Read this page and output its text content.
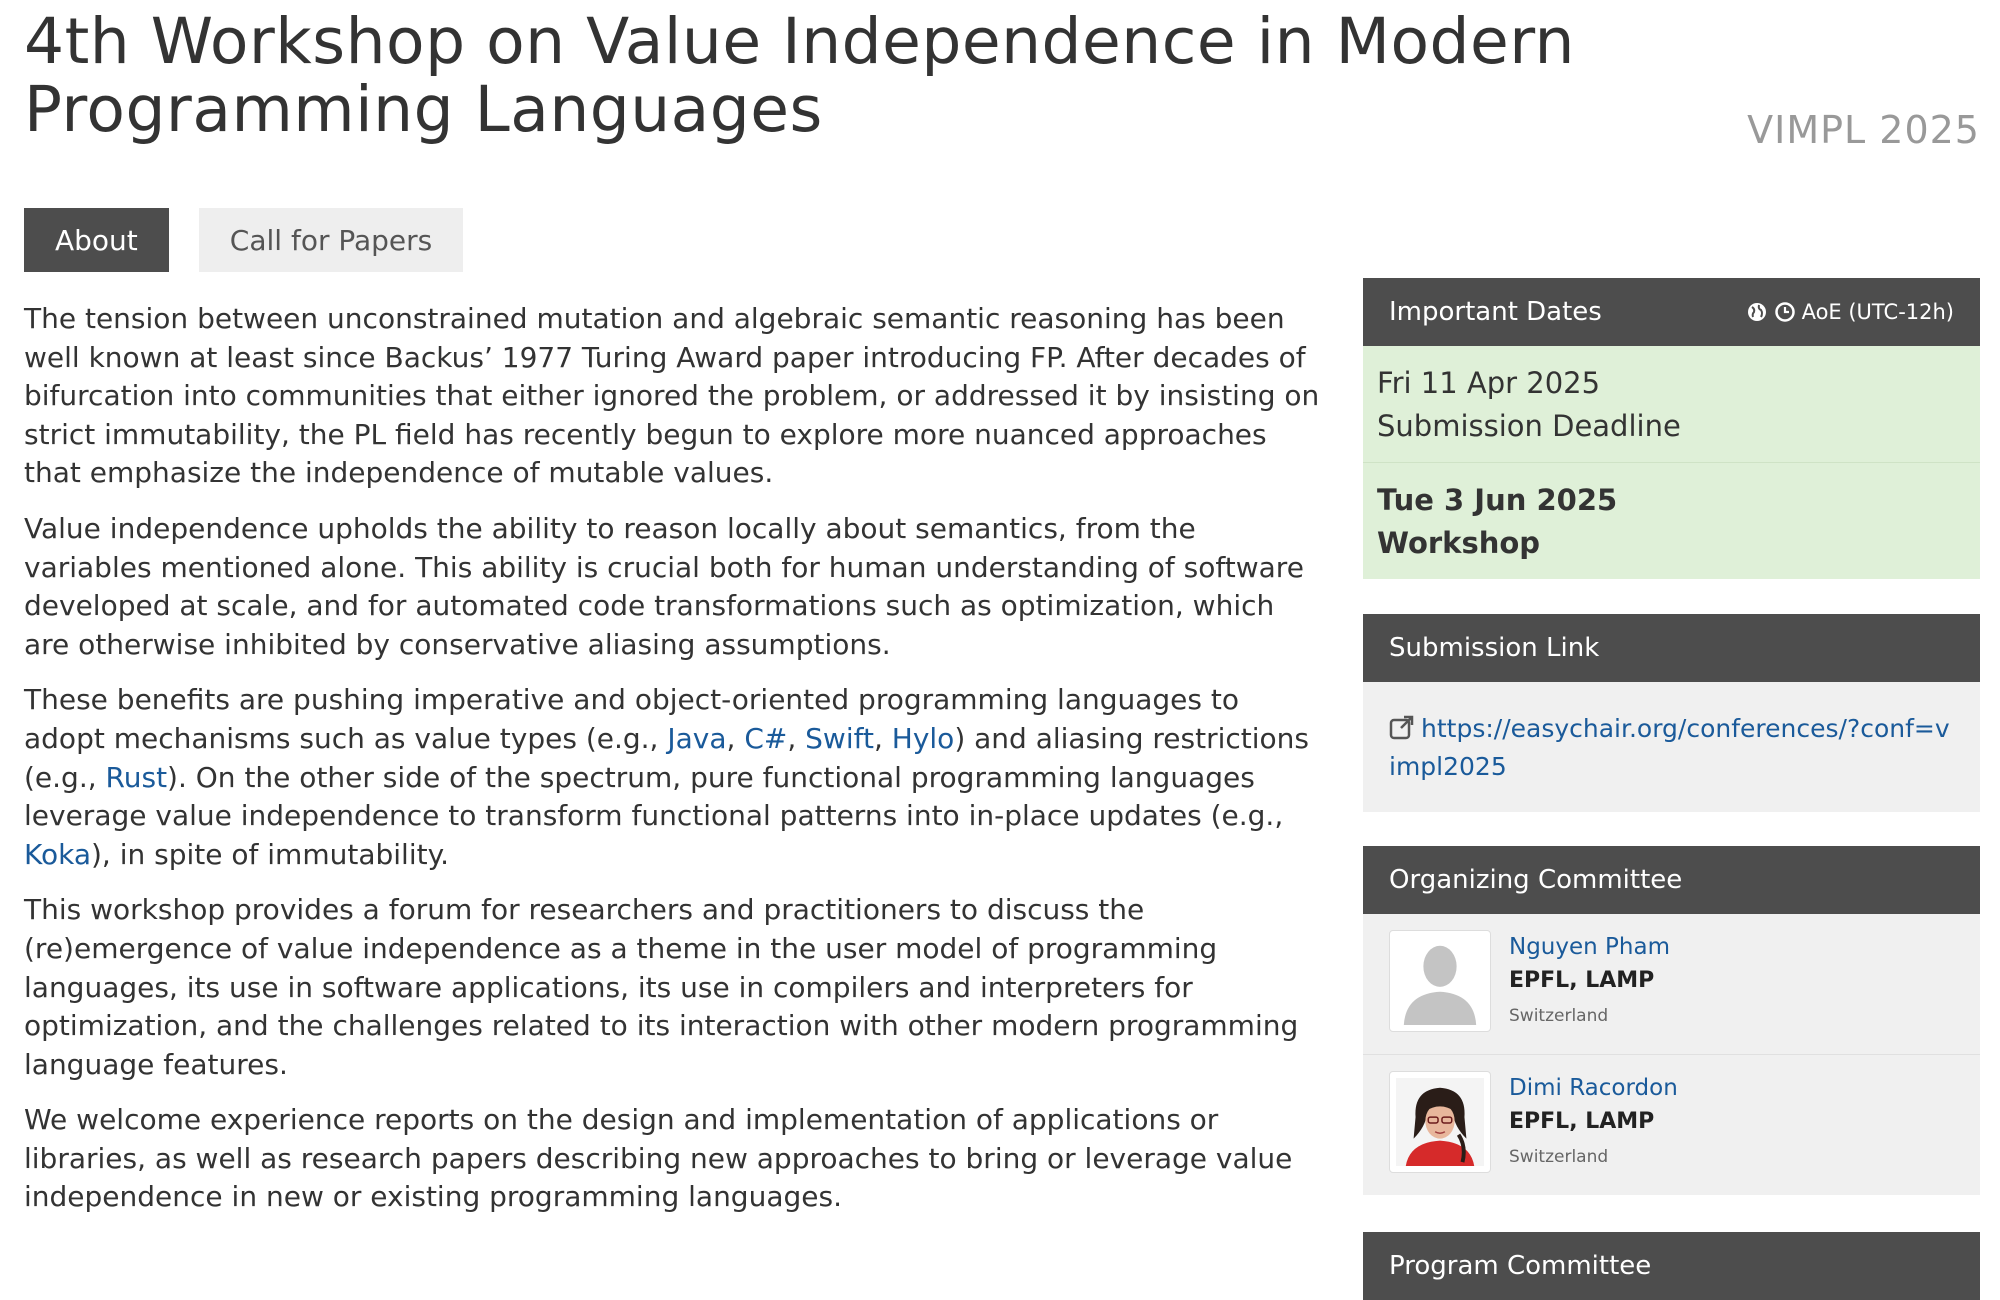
4th Workshop on Value Independence in Modern Programming Languages	VIMPL 2025
About	Call for Papers

The tension between unconstrained mutation and algebraic semantic reasoning has been well known at least since Backus’ 1977 Turing Award paper introducing FP. After decades of bifurcation into communities that either ignored the problem, or addressed it by insisting on strict immutability, the PL field has recently begun to explore more nuanced approaches that emphasize the independence of mutable values.

Value independence upholds the ability to reason locally about semantics, from the variables mentioned alone. This ability is crucial both for human understanding of software developed at scale, and for automated code transformations such as optimization, which are otherwise inhibited by conservative aliasing assumptions.

These benefits are pushing imperative and object-oriented programming languages to adopt mechanisms such as value types (e.g., Java, C#, Swift, Hylo) and aliasing restrictions (e.g., Rust). On the other side of the spectrum, pure functional programming languages leverage value independence to transform functional patterns into in-place updates (e.g., Koka), in spite of immutability.

This workshop provides a forum for researchers and practitioners to discuss the (re)emergence of value independence as a theme in the user model of programming languages, its use in software applications, its use in compilers and interpreters for optimization, and the challenges related to its interaction with other modern programming language features.

We welcome experience reports on the design and implementation of applications or libraries, as well as research papers describing new approaches to bring or leverage value independence in new or existing programming languages.

Important Dates	AoE (UTC-12h)
Fri 11 Apr 2025
Submission Deadline
Tue 3 Jun 2025
Workshop
Submission Link
https://easychair.org/conferences/?conf=vimpl2025
Organizing Committee
Nguyen Pham
EPFL, LAMP
Switzerland
Dimi Racordon
EPFL, LAMP
Switzerland
Program Committee
